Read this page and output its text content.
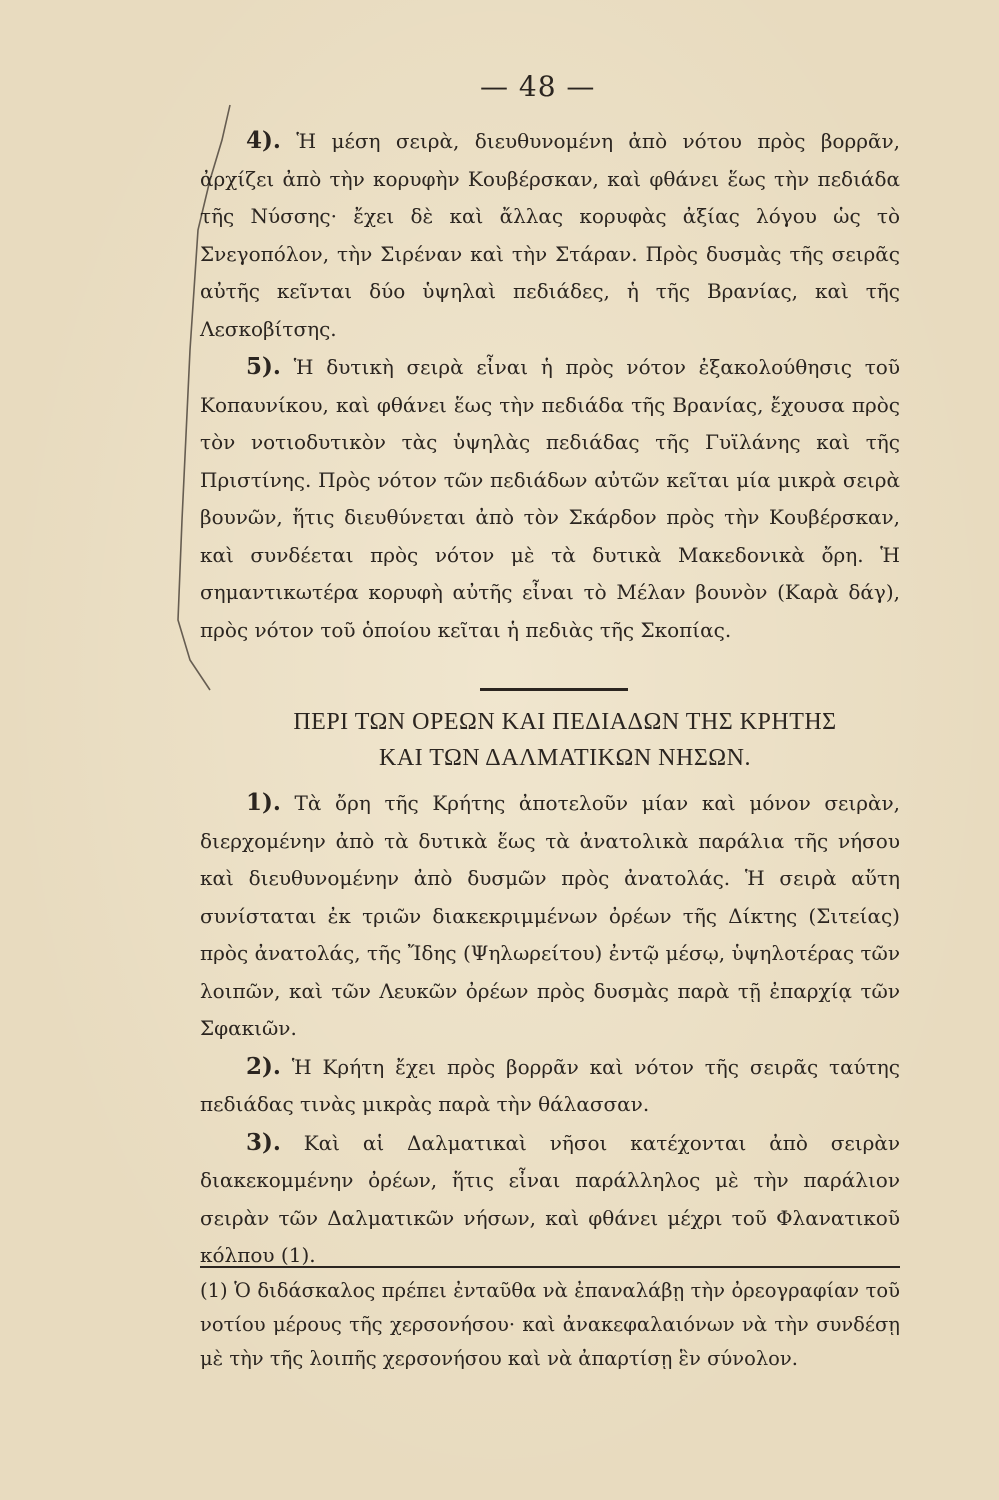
— 48 —

4). Ἡ μέση σειρὰ, διευθυνομένη ἀπὸ νότου πρὸς βορρᾶν, ἀρχίζει ἀπὸ τὴν κορυφὴν Κουβέρσκαν, καὶ φθάνει ἕως τὴν πεδιάδα τῆς Νύσσης· ἔχει δὲ καὶ ἄλλας κορυφὰς ἀξίας λόγου ὡς τὸ Σνεγοπόλον, τὴν Σιρέναν καὶ τὴν Στάραν. Πρὸς δυσμὰς τῆς σειρᾶς αὐτῆς κεῖνται δύο ὑψηλαὶ πεδιάδες, ἡ τῆς Βρανίας, καὶ τῆς Λεσκοβίτσης.

5). Ἡ δυτικὴ σειρὰ εἶναι ἡ πρὸς νότον ἐξακολούθησις τοῦ Κοπαυνίκου, καὶ φθάνει ἕως τὴν πεδιάδα τῆς Βρανίας, ἔχουσα πρὸς τὸν νοτιοδυτικὸν τὰς ὑψηλὰς πεδιάδας τῆς Γυϊλάνης καὶ τῆς Πριστίνης. Πρὸς νότον τῶν πεδιάδων αὐτῶν κεῖται μία μικρὰ σειρὰ βουνῶν, ἥτις διευθύνεται ἀπὸ τὸν Σκάρδον πρὸς τὴν Κουβέρσκαν, καὶ συνδέεται πρὸς νότον μὲ τὰ δυτικὰ Μακεδονικὰ ὄρη. Ἡ σημαντικωτέρα κορυφὴ αὐτῆς εἶναι τὸ Μέλαν βουνὸν (Καρὰ δάγ), πρὸς νότον τοῦ ὁποίου κεῖται ἡ πεδιὰς τῆς Σκοπίας.

ΠΕΡΙ ΤΩΝ ΟΡΕΩΝ ΚΑΙ ΠΕΔΙΑΔΩΝ ΤΗΣ ΚΡΗΤΗΣ
ΚΑΙ ΤΩΝ ΔΑΛΜΑΤΙΚΩΝ ΝΗΣΩΝ.

1). Τὰ ὄρη τῆς Κρήτης ἀποτελοῦν μίαν καὶ μόνον σειρὰν, διερχομένην ἀπὸ τὰ δυτικὰ ἕως τὰ ἀνατολικὰ παράλια τῆς νήσου καὶ διευθυνομένην ἀπὸ δυσμῶν πρὸς ἀνατολάς. Ἡ σειρὰ αὕτη συνίσταται ἐκ τριῶν διακεκριμμένων ὀρέων τῆς Δίκτης (Σιτείας) πρὸς ἀνατολάς, τῆς Ἴδης (Ψηλωρείτου) ἐντῷ μέσῳ, ὑψηλοτέρας τῶν λοιπῶν, καὶ τῶν Λευκῶν ὀρέων πρὸς δυσμὰς παρὰ τῇ ἐπαρχίᾳ τῶν Σφακιῶν.

2). Ἡ Κρήτη ἔχει πρὸς βορρᾶν καὶ νότον τῆς σειρᾶς ταύτης πεδιάδας τινὰς μικρὰς παρὰ τὴν θάλασσαν.

3). Καὶ αἱ Δαλματικαὶ νῆσοι κατέχονται ἀπὸ σειρὰν διακεκομμένην ὀρέων, ἥτις εἶναι παράλληλος μὲ τὴν παράλιον σειρὰν τῶν Δαλματικῶν νήσων, καὶ φθάνει μέχρι τοῦ Φλανατικοῦ κόλπου (1).

(1) Ὁ διδάσκαλος πρέπει ἐνταῦθα νὰ ἐπαναλάβῃ τὴν ὀρεογραφίαν τοῦ νοτίου μέρους τῆς χερσονήσου· καὶ ἀνακεφαλαιόνων νὰ τὴν συνδέσῃ μὲ τὴν τῆς λοιπῆς χερσονήσου καὶ νὰ ἀπαρτίσῃ ἓν σύνολον.
